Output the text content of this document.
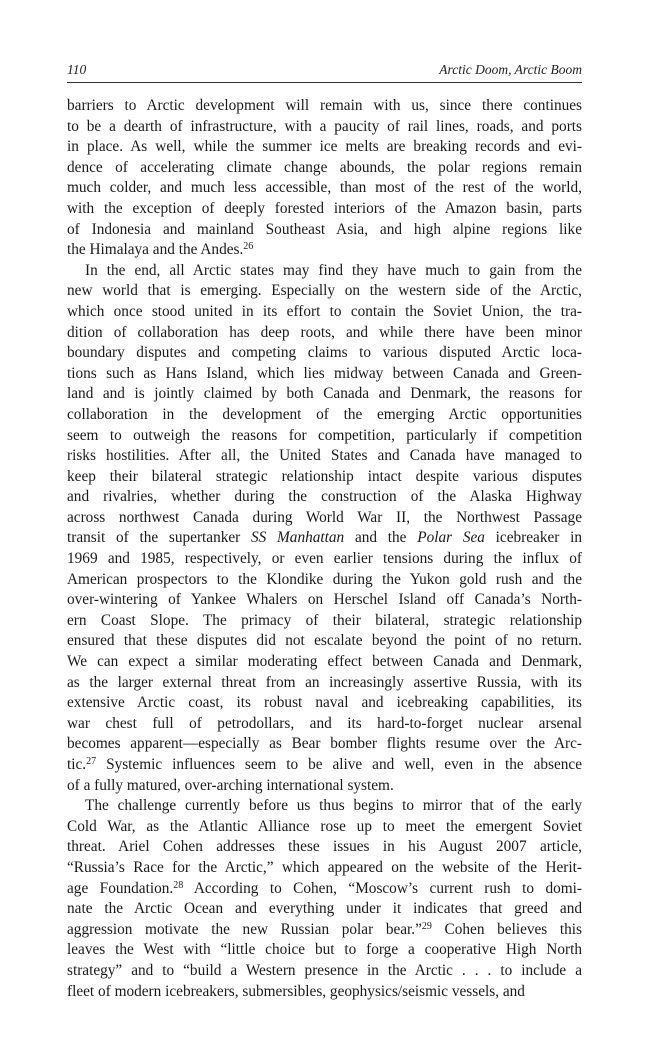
110	Arctic Doom, Arctic Boom
barriers to Arctic development will remain with us, since there continues
to be a dearth of infrastructure, with a paucity of rail lines, roads, and ports
in place. As well, while the summer ice melts are breaking records and evi-
dence of accelerating climate change abounds, the polar regions remain
much colder, and much less accessible, than most of the rest of the world,
with the exception of deeply forested interiors of the Amazon basin, parts
of Indonesia and mainland Southeast Asia, and high alpine regions like
the Himalaya and the Andes.$^{26}$
In the end, all Arctic states may find they have much to gain from the
new world that is emerging. Especially on the western side of the Arctic,
which once stood united in its effort to contain the Soviet Union, the tra-
dition of collaboration has deep roots, and while there have been minor
boundary disputes and competing claims to various disputed Arctic loca-
tions such as Hans Island, which lies midway between Canada and Green-
land and is jointly claimed by both Canada and Denmark, the reasons for
collaboration in the development of the emerging Arctic opportunities
seem to outweigh the reasons for competition, particularly if competition
risks hostilities. After all, the United States and Canada have managed to
keep their bilateral strategic relationship intact despite various disputes
and rivalries, whether during the construction of the Alaska Highway
across northwest Canada during World War II, the Northwest Passage
transit of the supertanker SS Manhattan and the Polar Sea icebreaker in
1969 and 1985, respectively, or even earlier tensions during the influx of
American prospectors to the Klondike during the Yukon gold rush and the
over-wintering of Yankee Whalers on Herschel Island off Canada’s North-
ern Coast Slope. The primacy of their bilateral, strategic relationship
ensured that these disputes did not escalate beyond the point of no return.
We can expect a similar moderating effect between Canada and Denmark,
as the larger external threat from an increasingly assertive Russia, with its
extensive Arctic coast, its robust naval and icebreaking capabilities, its
war chest full of petrodollars, and its hard-to-forget nuclear arsenal
becomes apparent—especially as Bear bomber flights resume over the Arc-
tic.$^{27}$ Systemic influences seem to be alive and well, even in the absence
of a fully matured, over-arching international system.
The challenge currently before us thus begins to mirror that of the early
Cold War, as the Atlantic Alliance rose up to meet the emergent Soviet
threat. Ariel Cohen addresses these issues in his August 2007 article,
“Russia’s Race for the Arctic,” which appeared on the website of the Herit-
age Foundation.$^{28}$ According to Cohen, “Moscow’s current rush to domi-
nate the Arctic Ocean and everything under it indicates that greed and
aggression motivate the new Russian polar bear.”$^{29}$ Cohen believes this
leaves the West with “little choice but to forge a cooperative High North
strategy” and to “build a Western presence in the Arctic . . . to include a
fleet of modern icebreakers, submersibles, geophysics/seismic vessels, and
